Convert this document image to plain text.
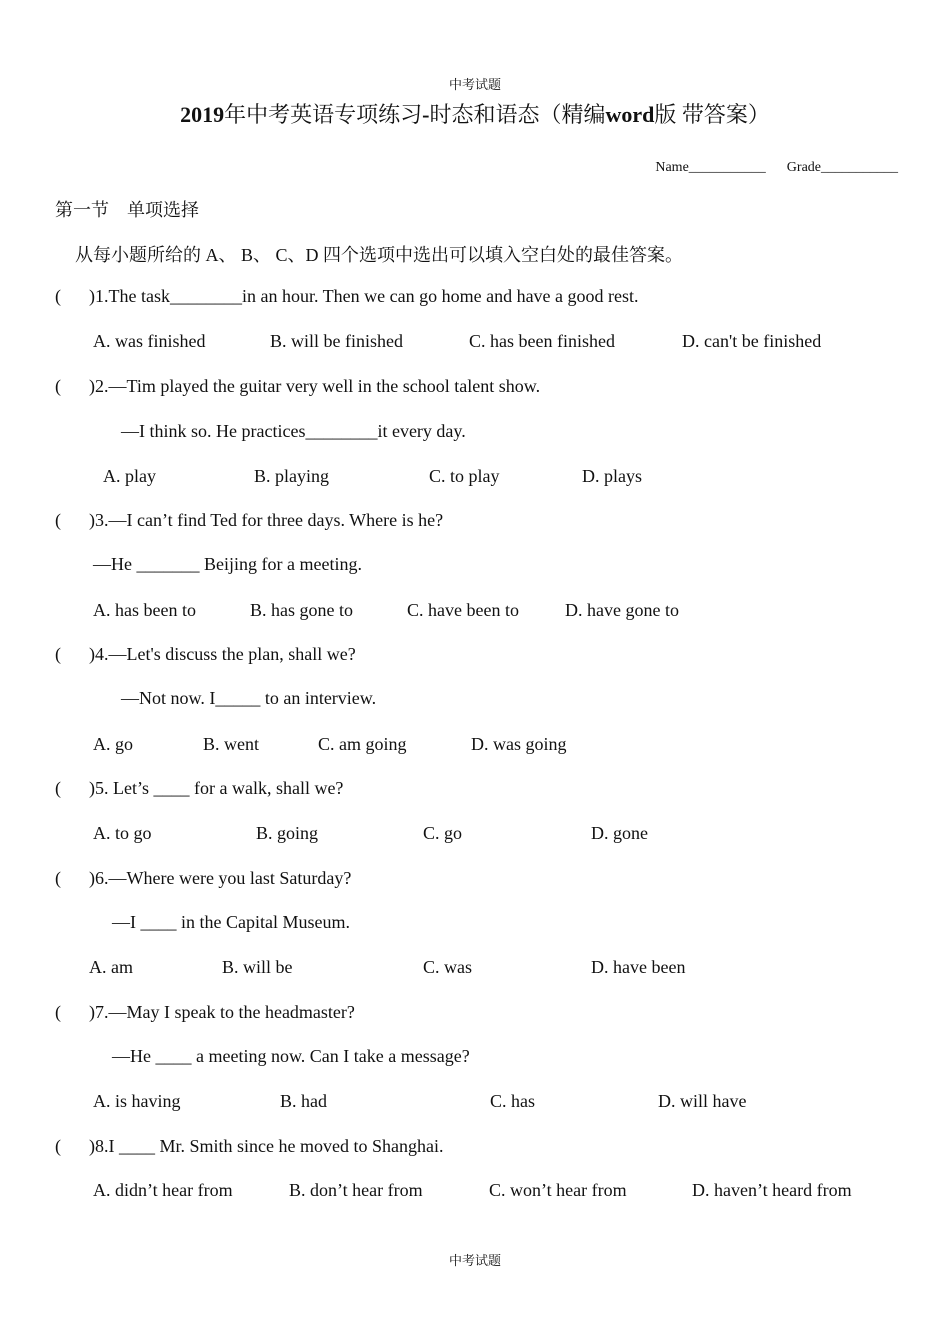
中考试题
2019年中考英语专项练习-时态和语态（精编word版 带答案）
Name___________ Grade___________
第一节　单项选择
从每小题所给的 A、 B、 C、D 四个选项中选出可以填入空白处的最佳答案。
( )1.The task________in an hour. Then we can go home and have a good rest.
A. was finished	B. will be finished	C. has been finished	D. can't be finished
( )2.—Tim played the guitar very well in the school talent show.
—I think so. He practices________it every day.
A. play	B. playing	C. to play	D. plays
( )3.—I can’t find Ted for three days. Where is he?
—He _______ Beijing for a meeting.
A. has been to	B. has gone to	C. have been to	D. have gone to
( )4.—Let's discuss the plan, shall we?
—Not now. I_____ to an interview.
A. go	B. went	C. am going	D. was going
( )5. Let’s ____ for a walk, shall we?
A. to go	B. going	C. go	D. gone
( )6.—Where were you last Saturday?
—I ____ in the Capital Museum.
A. am	B. will be	C. was	D. have been
( )7.—May I speak to the headmaster?
—He ____ a meeting now. Can I take a message?
A. is having	B. had	C. has	D. will have
( )8.I ____ Mr. Smith since he moved to Shanghai.
A. didn’t hear from	B. don’t hear from	C. won’t hear from	D. haven’t heard from
中考试题
